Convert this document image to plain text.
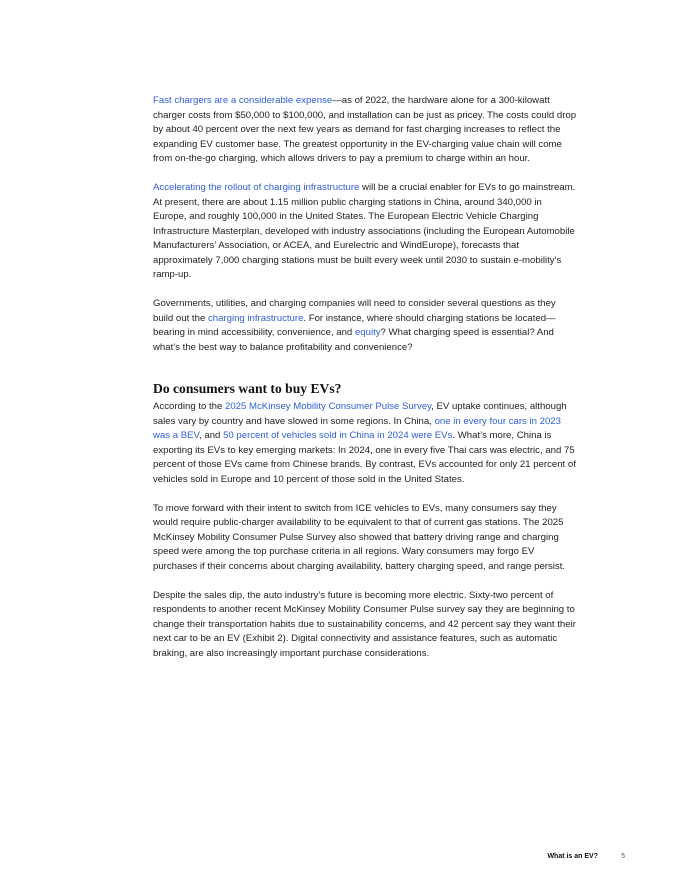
Fast chargers are a considerable expense—as of 2022, the hardware alone for a 300-kilowatt charger costs from $50,000 to $100,000, and installation can be just as pricey. The costs could drop by about 40 percent over the next few years as demand for fast charging increases to reflect the expanding EV customer base. The greatest opportunity in the EV-charging value chain will come from on-the-go charging, which allows drivers to pay a premium to charge within an hour.

Accelerating the rollout of charging infrastructure will be a crucial enabler for EVs to go mainstream. At present, there are about 1.15 million public charging stations in China, around 340,000 in Europe, and roughly 100,000 in the United States. The European Electric Vehicle Charging Infrastructure Masterplan, developed with industry associations (including the European Automobile Manufacturers’ Association, or ACEA, and Eurelectric and WindEurope), forecasts that approximately 7,000 charging stations must be built every week until 2030 to sustain e-mobility’s ramp-up.

Governments, utilities, and charging companies will need to consider several questions as they build out the charging infrastructure. For instance, where should charging stations be located—bearing in mind accessibility, convenience, and equity? What charging speed is essential? And what’s the best way to balance profitability and convenience?

Do consumers want to buy EVs?

According to the 2025 McKinsey Mobility Consumer Pulse Survey, EV uptake continues, although sales vary by country and have slowed in some regions. In China, one in every four cars in 2023 was a BEV, and 50 percent of vehicles sold in China in 2024 were EVs. What’s more, China is exporting its EVs to key emerging markets: In 2024, one in every five Thai cars was electric, and 75 percent of those EVs came from Chinese brands. By contrast, EVs accounted for only 21 percent of vehicles sold in Europe and 10 percent of those sold in the United States.

To move forward with their intent to switch from ICE vehicles to EVs, many consumers say they would require public-charger availability to be equivalent to that of current gas stations. The 2025 McKinsey Mobility Consumer Pulse Survey also showed that battery driving range and charging speed were among the top purchase criteria in all regions. Wary consumers may forgo EV purchases if their concerns about charging availability, battery charging speed, and range persist.

Despite the sales dip, the auto industry’s future is becoming more electric. Sixty-two percent of respondents to another recent McKinsey Mobility Consumer Pulse survey say they are beginning to change their transportation habits due to sustainability concerns, and 42 percent say they want their next car to be an EV (Exhibit 2). Digital connectivity and assistance features, such as automatic braking, are also increasingly important purchase considerations.

What is an EV?	5
